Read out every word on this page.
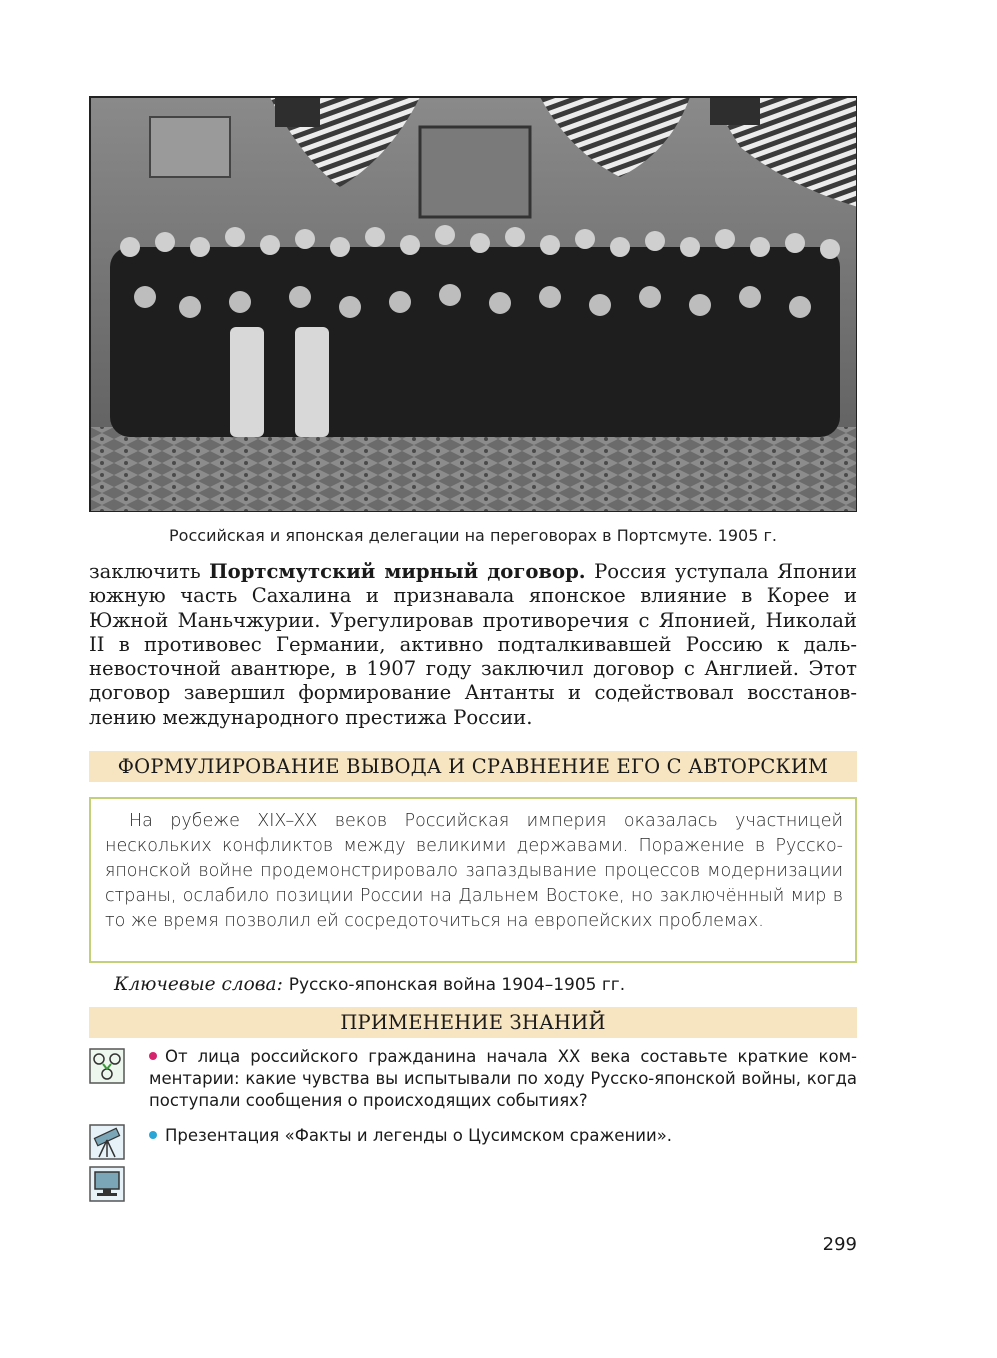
Российская и японская делегации на переговорах в Портсмуте. 1905 г.

заключить Портсмутский мирный договор. Россия уступала Японии южную часть Сахалина и признавала японское влияние в Корее и Южной Маньчжурии. Урегулировав противоречия с Японией, Николай II в противовес Германии, активно подталкивавшей Россию к дальневосточной авантюре, в 1907 году заключил договор с Англией. Этот договор завершил формирование Антанты и содействовал восстановлению международного престижа России.

ФОРМУЛИРОВАНИЕ ВЫВОДА И СРАВНЕНИЕ ЕГО С АВТОРСКИМ
На рубеже XIX–XX веков Российская империя оказалась участницей нескольких конфликтов между великими державами. Поражение в Русско-японской войне продемонстрировало запаздывание процессов модернизации страны, ослабило позиции России на Дальнем Востоке, но заключённый мир в то же время позволил ей сосредоточиться на европейских проблемах.
Ключевые слова: Русско-японская война 1904–1905 гг.
ПРИМЕНЕНИЕ ЗНАНИЙ
От лица российского гражданина начала XX века составьте краткие комментарии: какие чувства вы испытывали по ходу Русско-японской войны, когда поступали сообщения о происходящих событиях?
Презентация «Факты и легенды о Цусимском сражении».
299
